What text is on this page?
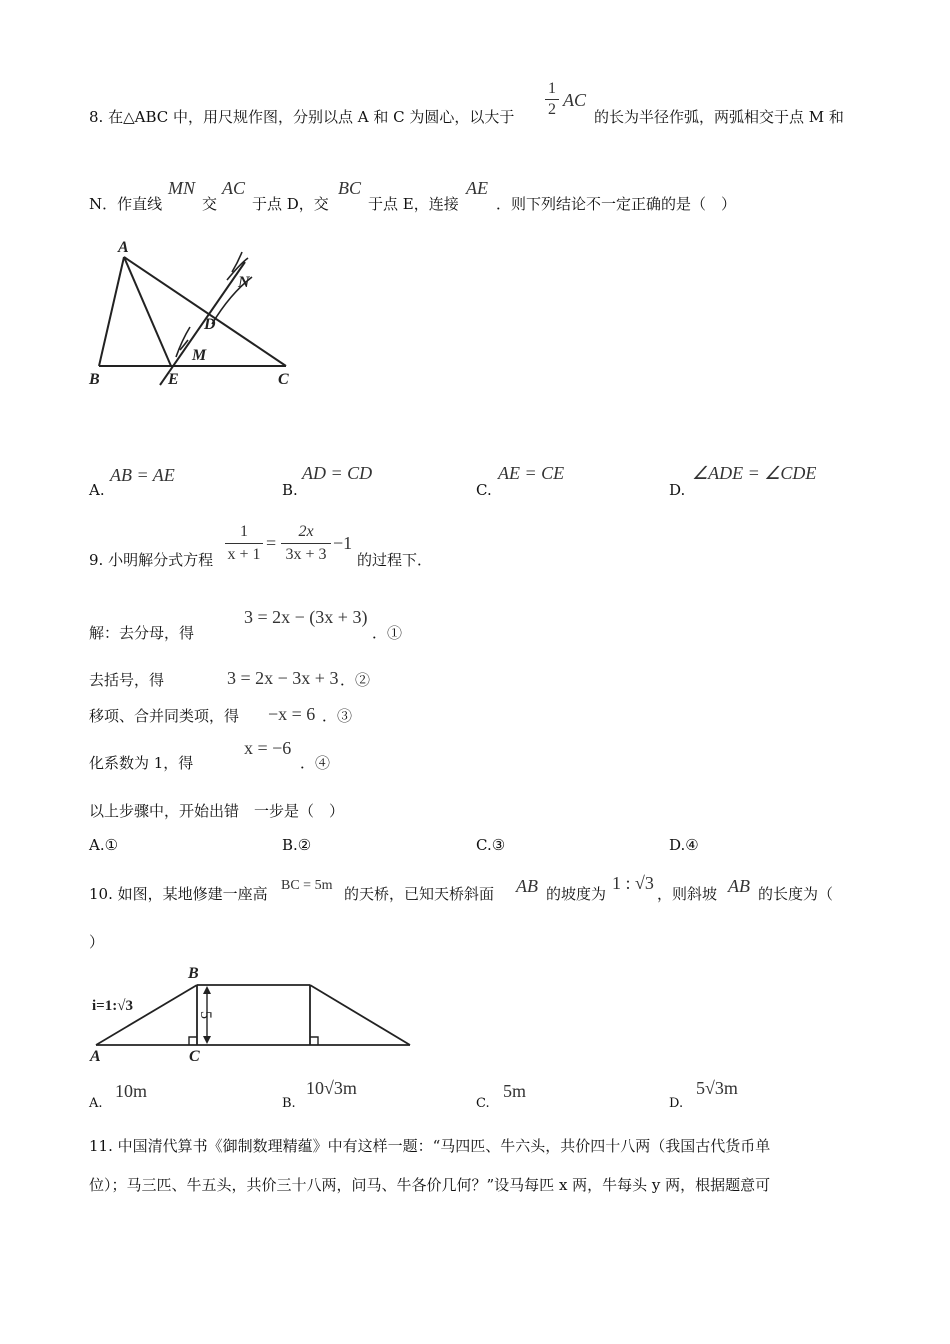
8. 在△ABC 中，用尺规作图，分别以点 A 和 C 为圆心，以大于
1
2 AC
的长为半径作弧，两弧相交于点 M 和
N．作直线
MN
交
AC
于点 D，交
BC
于点 E，连接
AE
．则下列结论不一定正确的是（　）
A
B	E	C
D
M
N
A.
AB = AE
B.
AD = CD
C.
AE = CE
D.
∠ADE = ∠CDE
9. 小明解分式方程
1
x + 1
=
2x
3x + 3
−1
的过程下．
解：去分母，得
3 = 2x − (3x + 3)
．①
去括号，得	3 = 2x − 3x + 3 ．②
移项、合并同类项，得 −x = 6 ．③
化系数为 1，得
x = −6
．④
以上步骤中，开始出错　一步是（　）
A.①	B.②	C.③	D.④
10. 如图，某地修建一座高 BC = 5m 的天桥，已知天桥斜面 AB 的坡度为
1 : √3
，则斜坡 AB 的长度为（
）
5
i=1:√3
B
A	C
A.
10m
B.
10√3m
C.
5m
D.
5√3m
11. 中国清代算书《御制数理精蕴》中有这样一题：“马四匹、牛六头，共价四十八两（我国古代货币单
位）；马三匹、牛五头，共价三十八两，问马、牛各价几何？”设马每匹 x 两，牛每头 y 两，根据题意可
